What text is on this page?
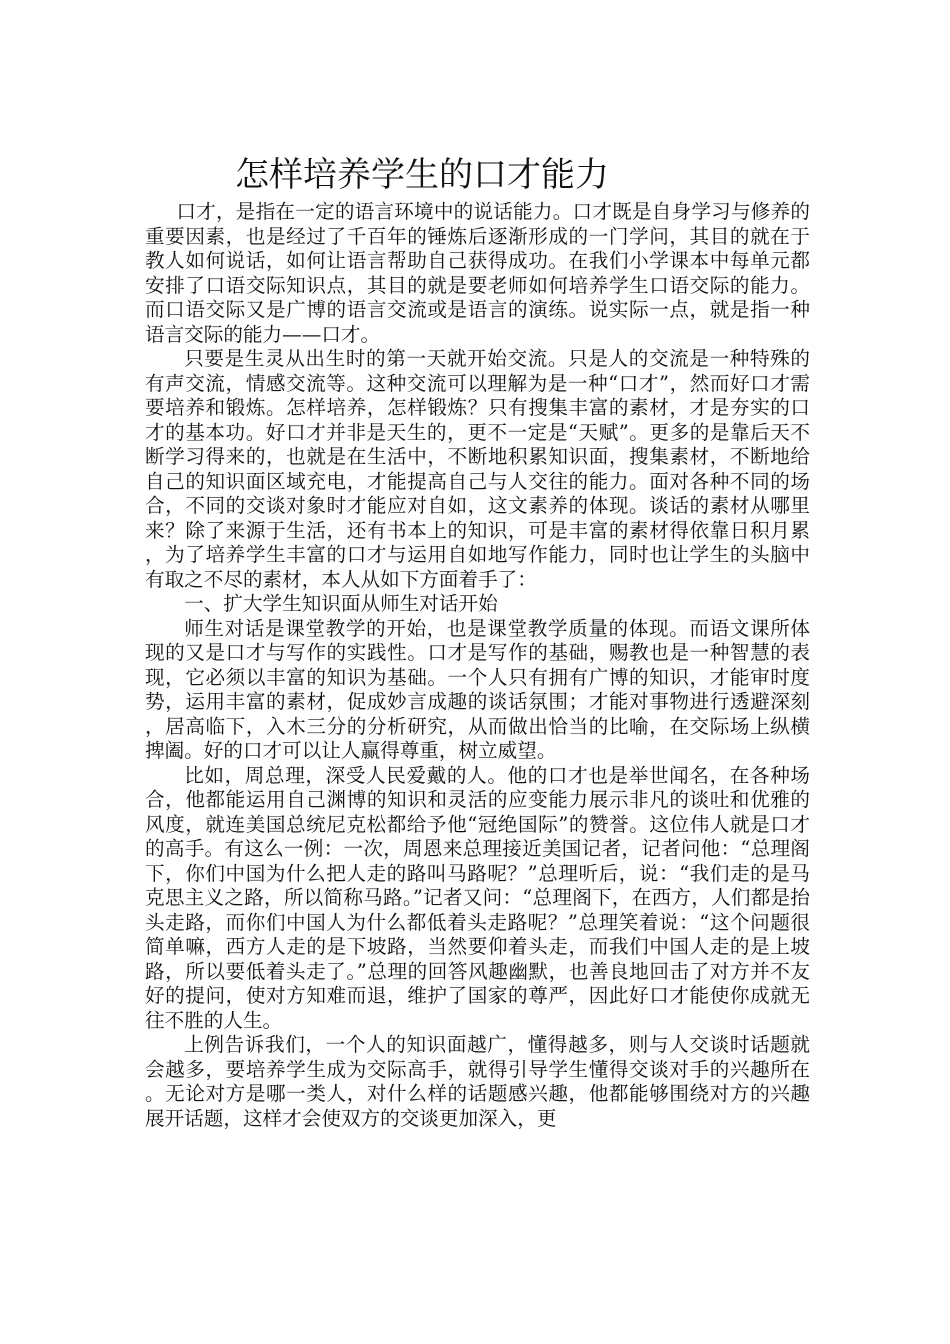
怎样培养学生的口才能力

口才，是指在一定的语言环境中的说话能力。口才既是自身学习与修养的重要因素，也是经过了千百年的锤炼后逐渐形成的一门学问，其目的就在于教人如何说话，如何让语言帮助自己获得成功。在我们小学课本中每单元都安排了口语交际知识点，其目的就是要老师如何培养学生口语交际的能力。而口语交际又是广博的语言交流或是语言的演练。说实际一点，就是指一种语言交际的能力——口才。

只要是生灵从出生时的第一天就开始交流。只是人的交流是一种特殊的有声交流，情感交流等。这种交流可以理解为是一种“口才”，然而好口才需要培养和锻炼。怎样培养，怎样锻炼？只有搜集丰富的素材，才是夯实的口才的基本功。好口才并非是天生的，更不一定是“天赋”。更多的是靠后天不断学习得来的，也就是在生活中，不断地积累知识面，搜集素材，不断地给自己的知识面区域充电，才能提高自己与人交往的能力。面对各种不同的场合，不同的交谈对象时才能应对自如，这文素养的体现。谈话的素材从哪里来？除了来源于生活，还有书本上的知识，可是丰富的素材得依靠日积月累，为了培养学生丰富的口才与运用自如地写作能力，同时也让学生的头脑中有取之不尽的素材，本人从如下方面着手了：

一、扩大学生知识面从师生对话开始

师生对话是课堂教学的开始，也是课堂教学质量的体现。而语文课所体现的又是口才与写作的实践性。口才是写作的基础，赐教也是一种智慧的表现，它必须以丰富的知识为基础。一个人只有拥有广博的知识，才能审时度势，运用丰富的素材，促成妙言成趣的谈话氛围；才能对事物进行透避深刻，居高临下，入木三分的分析研究，从而做出恰当的比喻，在交际场上纵横捭阖。好的口才可以让人赢得尊重，树立威望。

比如，周总理，深受人民爱戴的人。他的口才也是举世闻名，在各种场合，他都能运用自己渊博的知识和灵活的应变能力展示非凡的谈吐和优雅的风度，就连美国总统尼克松都给予他“冠绝国际”的赞誉。这位伟人就是口才的高手。有这么一例：一次，周恩来总理接近美国记者，记者问他：“总理阁下，你们中国为什么把人走的路叫马路呢？”总理听后，说：“我们走的是马克思主义之路，所以简称马路。”记者又问：“总理阁下，在西方，人们都是抬头走路，而你们中国人为什么都低着头走路呢？”总理笑着说：“这个问题很简单嘛，西方人走的是下坡路，当然要仰着头走，而我们中国人走的是上坡路，所以要低着头走了。”总理的回答风趣幽默，也善良地回击了对方并不友好的提问，使对方知难而退，维护了国家的尊严，因此好口才能使你成就无往不胜的人生。

上例告诉我们，一个人的知识面越广，懂得越多，则与人交谈时话题就会越多，要培养学生成为交际高手，就得引导学生懂得交谈对手的兴趣所在。无论对方是哪一类人，对什么样的话题感兴趣，他都能够围绕对方的兴趣展开话题，这样才会使双方的交谈更加深入，更
